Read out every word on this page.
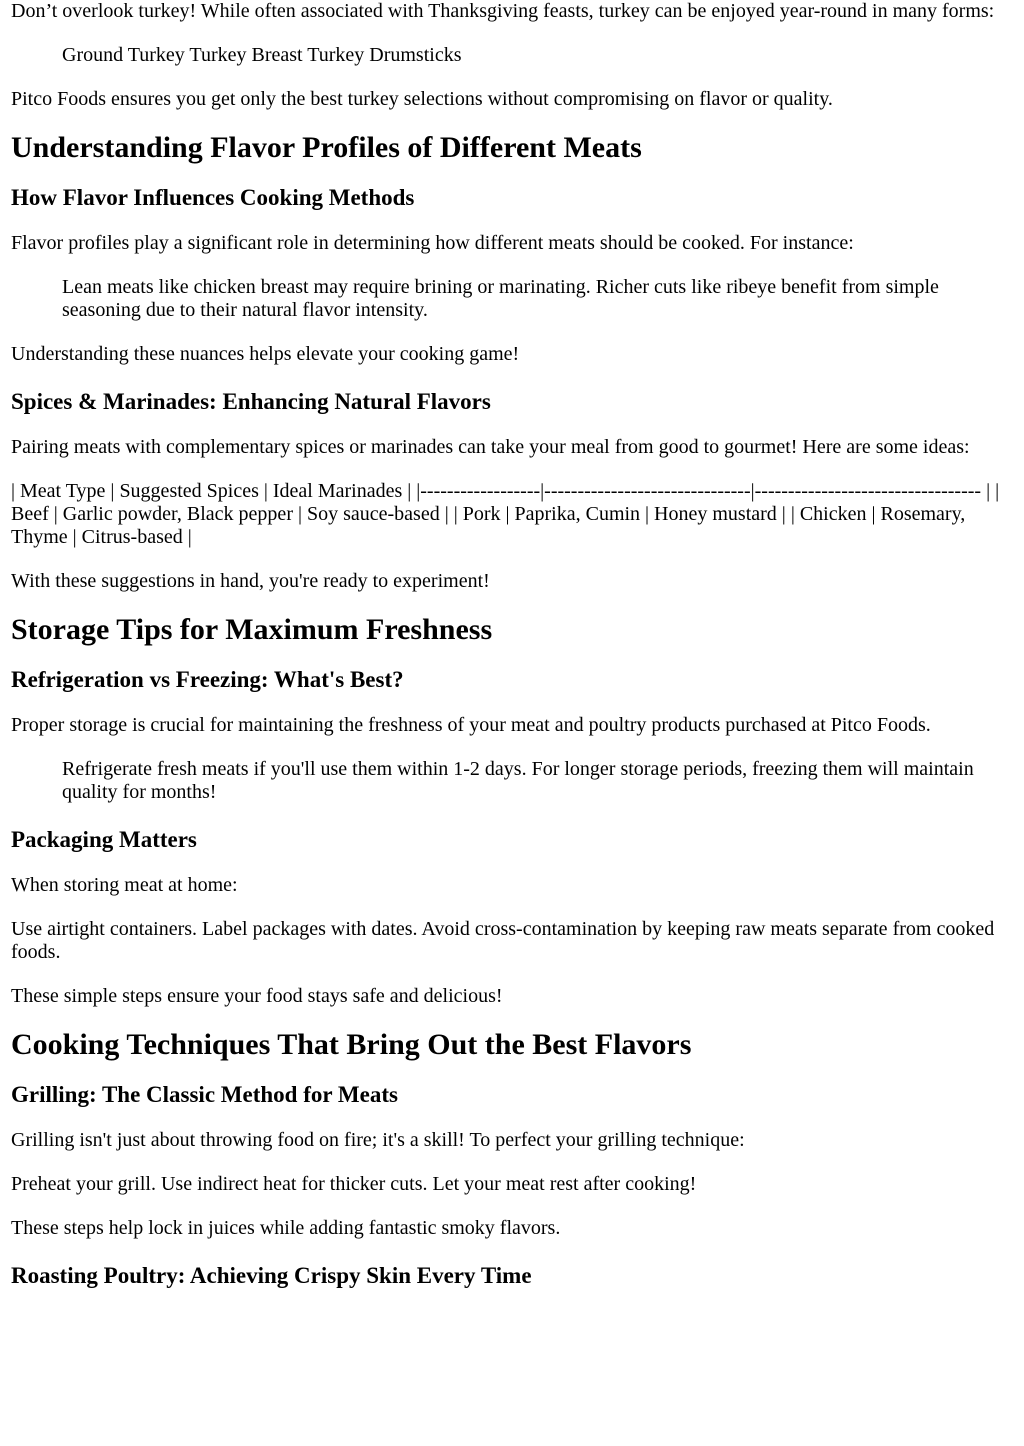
Don’t overlook turkey! While often associated with Thanksgiving feasts, turkey can be enjoyed year-round in many forms:

Ground Turkey Turkey Breast Turkey Drumsticks

Pitco Foods ensures you get only the best turkey selections without compromising on flavor or quality.

Understanding Flavor Profiles of Different Meats
How Flavor Influences Cooking Methods

Flavor profiles play a significant role in determining how different meats should be cooked. For instance:

Lean meats like chicken breast may require brining or marinating. Richer cuts like ribeye benefit from simple seasoning due to their natural flavor intensity.

Understanding these nuances helps elevate your cooking game!

Spices & Marinades: Enhancing Natural Flavors

Pairing meats with complementary spices or marinades can take your meal from good to gourmet! Here are some ideas:

| Meat Type | Suggested Spices | Ideal Marinades | |------------------|-------------------------------|---------------------------------- | | Beef | Garlic powder, Black pepper | Soy sauce-based | | Pork | Paprika, Cumin | Honey mustard | | Chicken | Rosemary, Thyme | Citrus-based |

With these suggestions in hand, you're ready to experiment!

Storage Tips for Maximum Freshness
Refrigeration vs Freezing: What's Best?

Proper storage is crucial for maintaining the freshness of your meat and poultry products purchased at Pitco Foods.

Refrigerate fresh meats if you'll use them within 1-2 days. For longer storage periods, freezing them will maintain quality for months!
Packaging Matters

When storing meat at home:

Use airtight containers. Label packages with dates. Avoid cross-contamination by keeping raw meats separate from cooked foods.

These simple steps ensure your food stays safe and delicious!

Cooking Techniques That Bring Out the Best Flavors
Grilling: The Classic Method for Meats

Grilling isn't just about throwing food on fire; it's a skill! To perfect your grilling technique:

Preheat your grill. Use indirect heat for thicker cuts. Let your meat rest after cooking!

These steps help lock in juices while adding fantastic smoky flavors.

Roasting Poultry: Achieving Crispy Skin Every Time
